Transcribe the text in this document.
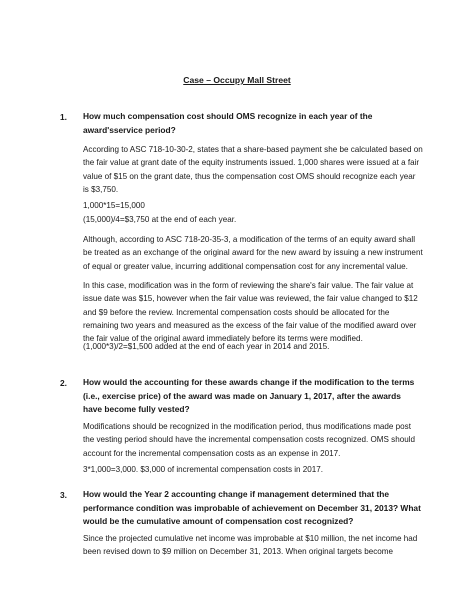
Case – Occupy Mall Street
1.	How much compensation cost should OMS recognize in each year of the award'sservice period?

According to ASC 718-10-30-2, states that a share-based payment she be calculated based on the fair value at grant date of the equity instruments issued. 1,000 shares were issued at a fair value of $15 on the grant date, thus the compensation cost OMS should recognize each year is $3,750.

1,000*15=15,000

(15,000)/4=$3,750 at the end of each year.

Although, according to ASC 718-20-35-3, a modification of the terms of an equity award shall be treated as an exchange of the original award for the new award by issuing a new instrument of equal or greater value, incurring additional compensation cost for any incremental value.

In this case, modification was in the form of reviewing the share's fair value. The fair value at issue date was $15, however when the fair value was reviewed, the fair value changed to $12 and $9 before the review. Incremental compensation costs should be allocated for the remaining two years and measured as the excess of the fair value of the modified award over the fair value of the original award immediately before its terms were modified.

(1,000*3)/2=$1,500 added at the end of each year in 2014 and 2015.

2.	How would the accounting for these awards change if the modification to the terms (i.e., exercise price) of the award was made on January 1, 2017, after the awards have become fully vested?

Modifications should be recognized in the modification period, thus modifications made post the vesting period should have the incremental compensation costs recognized. OMS should account for the incremental compensation costs as an expense in 2017.

3*1,000=3,000. $3,000 of incremental compensation costs in 2017.

3.	How would the Year 2 accounting change if management determined that the performance condition was improbable of achievement on December 31, 2013? What would be the cumulative amount of compensation cost recognized?

Since the projected cumulative net income was improbable at $10 million, the net income had been revised down to $9 million on December 31, 2013. When original targets become
